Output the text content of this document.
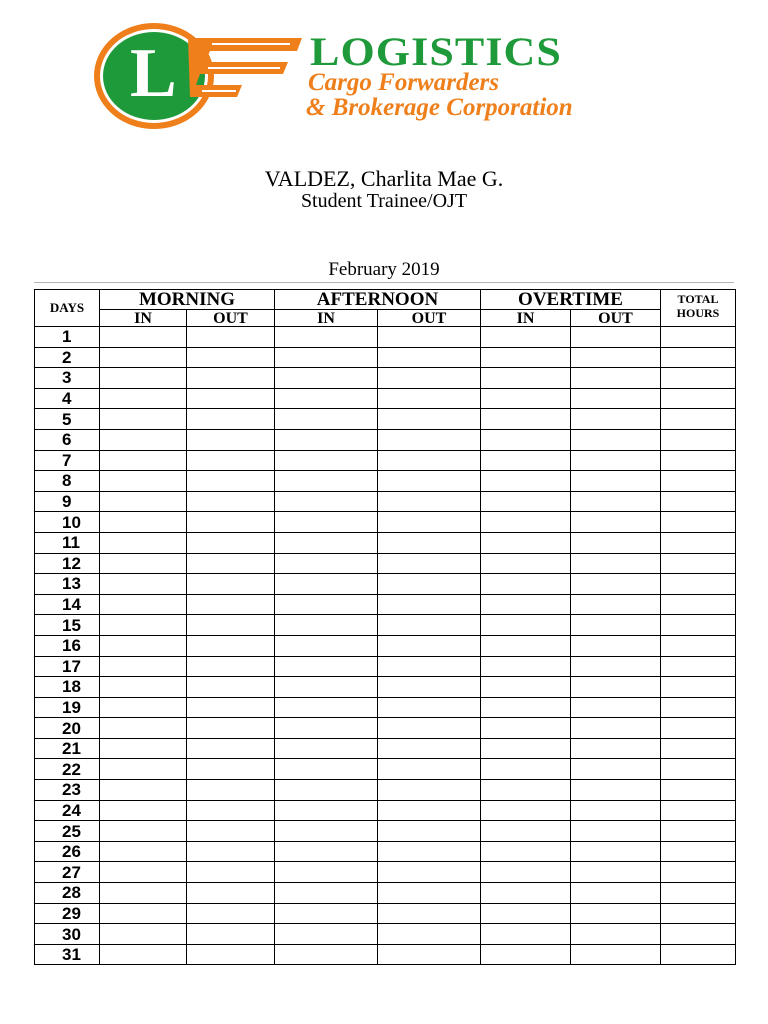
L	LOGISTICS
Cargo Forwarders
& Brokerage Corporation
VALDEZ, Charlita Mae G.
Student Trainee/OJT
February 2019
DAYS	MORNING		AFTERNOON		OVERTIME		TOTAL
HOURS
	IN	OUT	IN	OUT	IN	OUT	
1							
2							
3							
4							
5							
6							
7							
8							
9							
10							
11							
12							
13							
14							
15							
16							
17							
18							
19							
20							
21							
22							
23							
24							
25							
26							
27							
28							
29							
30							
31							
